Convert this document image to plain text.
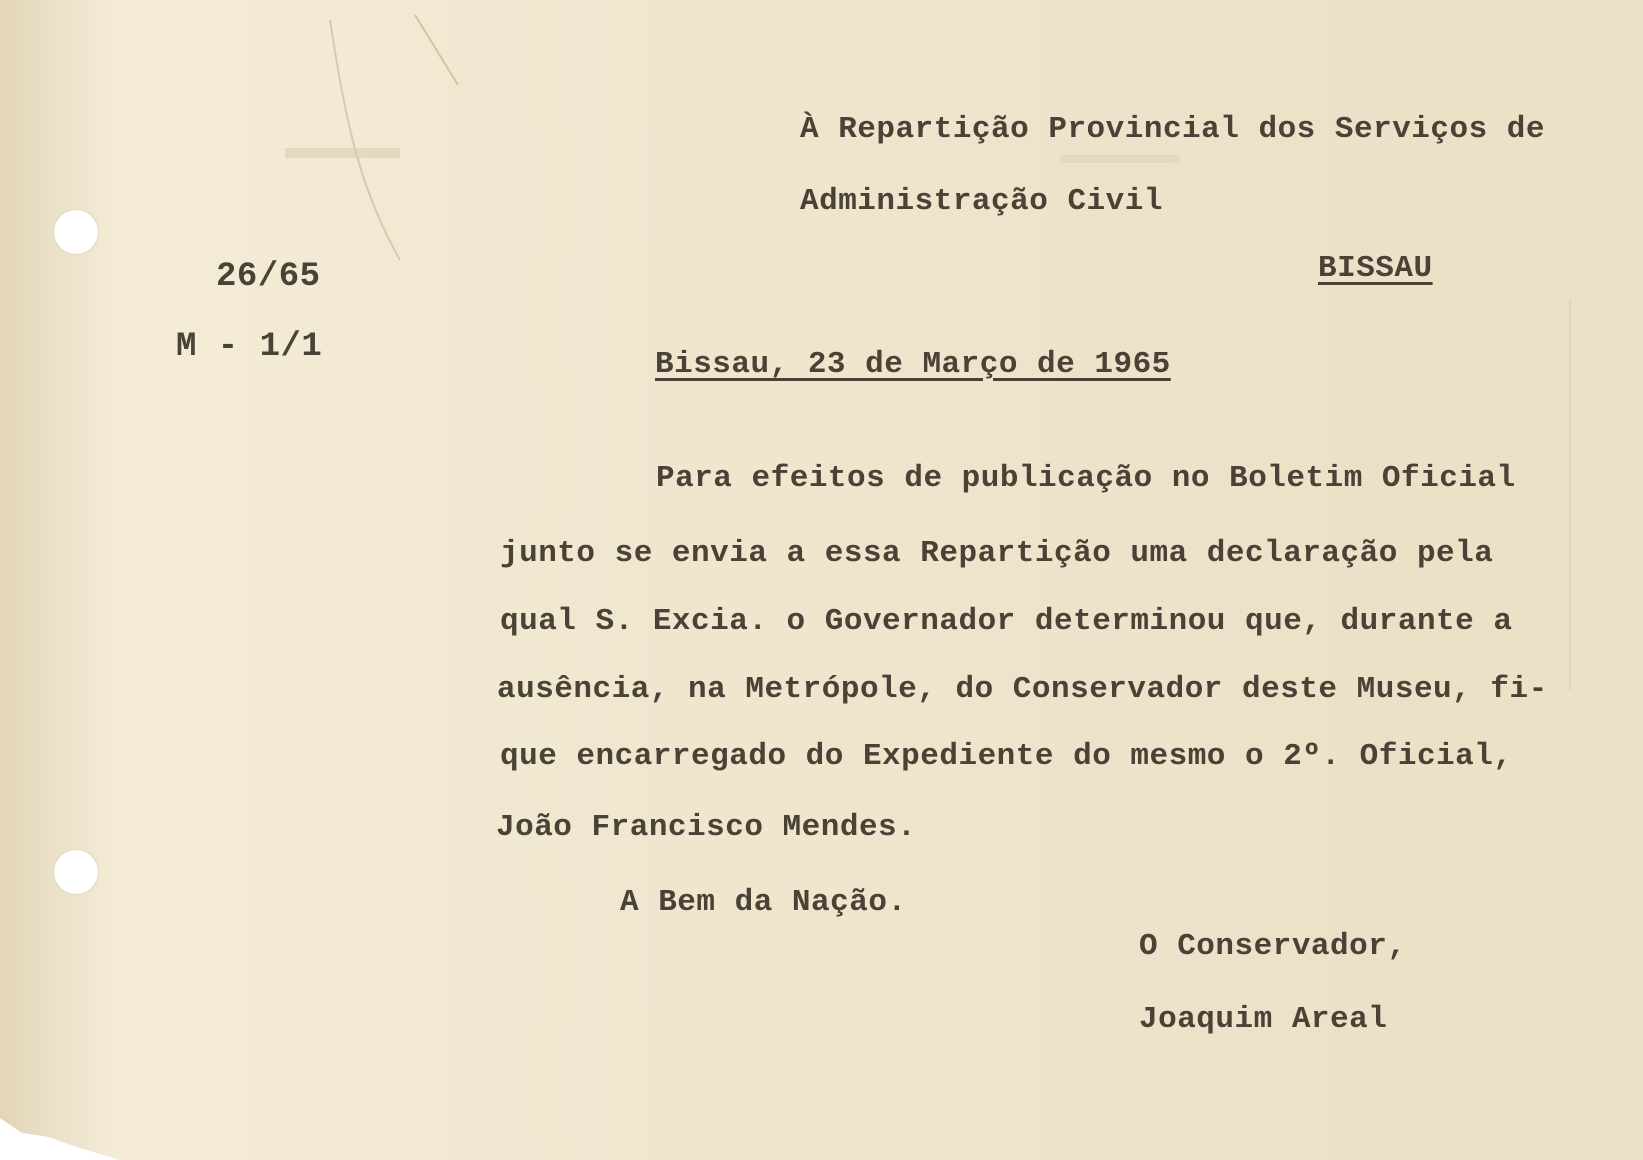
À Repartição Provincial dos Serviços de

Administração Civil

BISSAU

26/65

M - 1/1	Bissau, 23 de Março de 1965

Para efeitos de publicação no Boletim Oficial

junto se envia a essa Repartição uma declaração pela

qual S. Excia. o Governador determinou que, durante a

ausência, na Metrópole, do Conservador deste Museu, fi-

que encarregado do Expediente do mesmo o 2º. Oficial,

João Francisco Mendes.

A Bem da Nação.

O Conservador,

Joaquim Areal
